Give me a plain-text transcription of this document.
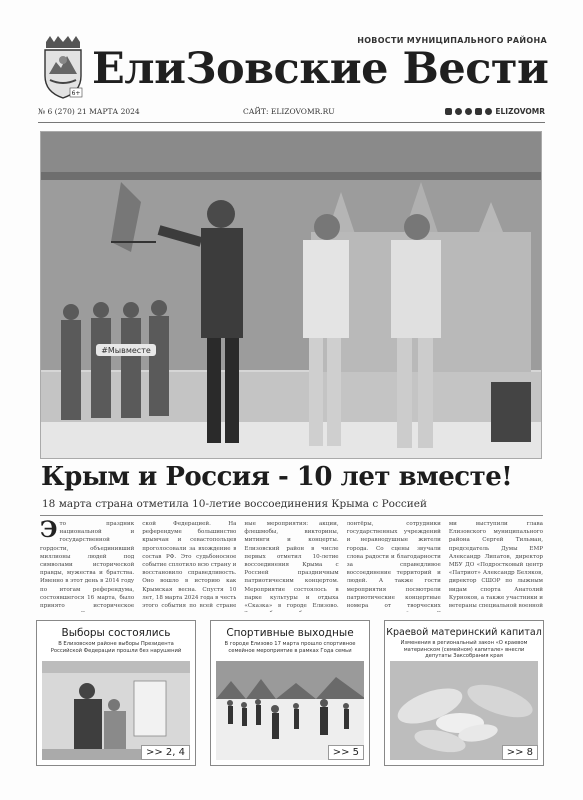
6+
НОВОСТИ МУНИЦИПАЛЬНОГО РАЙОНА
ЕлиЗовские Вести
№ 6 (270) 21 МАРТА 2024	САЙТ: ELIZOVOMR.RU	ELIZOVOMR
#Мывместе
Крым и Россия - 10 лет вместе!
18 марта страна отметила 10-летие воссоединения Крыма с Россией
Это праздник национальной и государственной гордости, объединивший миллионы людей под символами исторической правды, мужества и братства. Именно в этот день в 2014 году по итогам референдума, состоявшегося 16 марта, было принято историческое
ской Федерацией. На референдуме большинство крымчан и севастопольцев проголосовали за вхождение в состав РФ. Это судьбоносное событие сплотило всю страну и восстановило справедливость. Оно вошло в историю как Крымская весна. Спустя 10 лет, 18 марта 2024 года в честь этого события по всей стране
ные мероприятия: акции, флешмобы, викторины, митинги и концерты. Елизовский район в числе первых отметил 10-летие воссоединения Крыма с Россией праздничным патриотическим концертом. Мероприятие состоялось в парке культуры и отдыха «Сказка» в городе Елизово.
лонтёры, сотрудники государственных учреждений и неравнодушные жители города. Со сцены звучали слова радости и благодарности за справедливое воссоединение территорий и людей. А также гости мероприятия посмотрели патриотические концертные номера от творческих
ми выступили глава Елизовского муниципального района Сергей Тильман, председатель Думы ЕМР Александр Липатов, директор МБУ ДО «Подростковый центр «Патриот» Александр Беляков, директор СШОР по лыжным видам спорта Анатолий Курноков, а также участники и ветераны специальной военной
Выборы состоялись

В Елизовском районе выборы Президента Российской Федерации прошли без нарушений

>> 2, 4
Спортивные выходные

В городе Елизово 17 марта прошло спортивное семейное мероприятие в рамках Года семьи

>> 5
Краевой материнский капитал

Изменения в региональный закон «О краевом материнском (семейном) капитале» внесли депутаты Заксобрания края

>> 8
